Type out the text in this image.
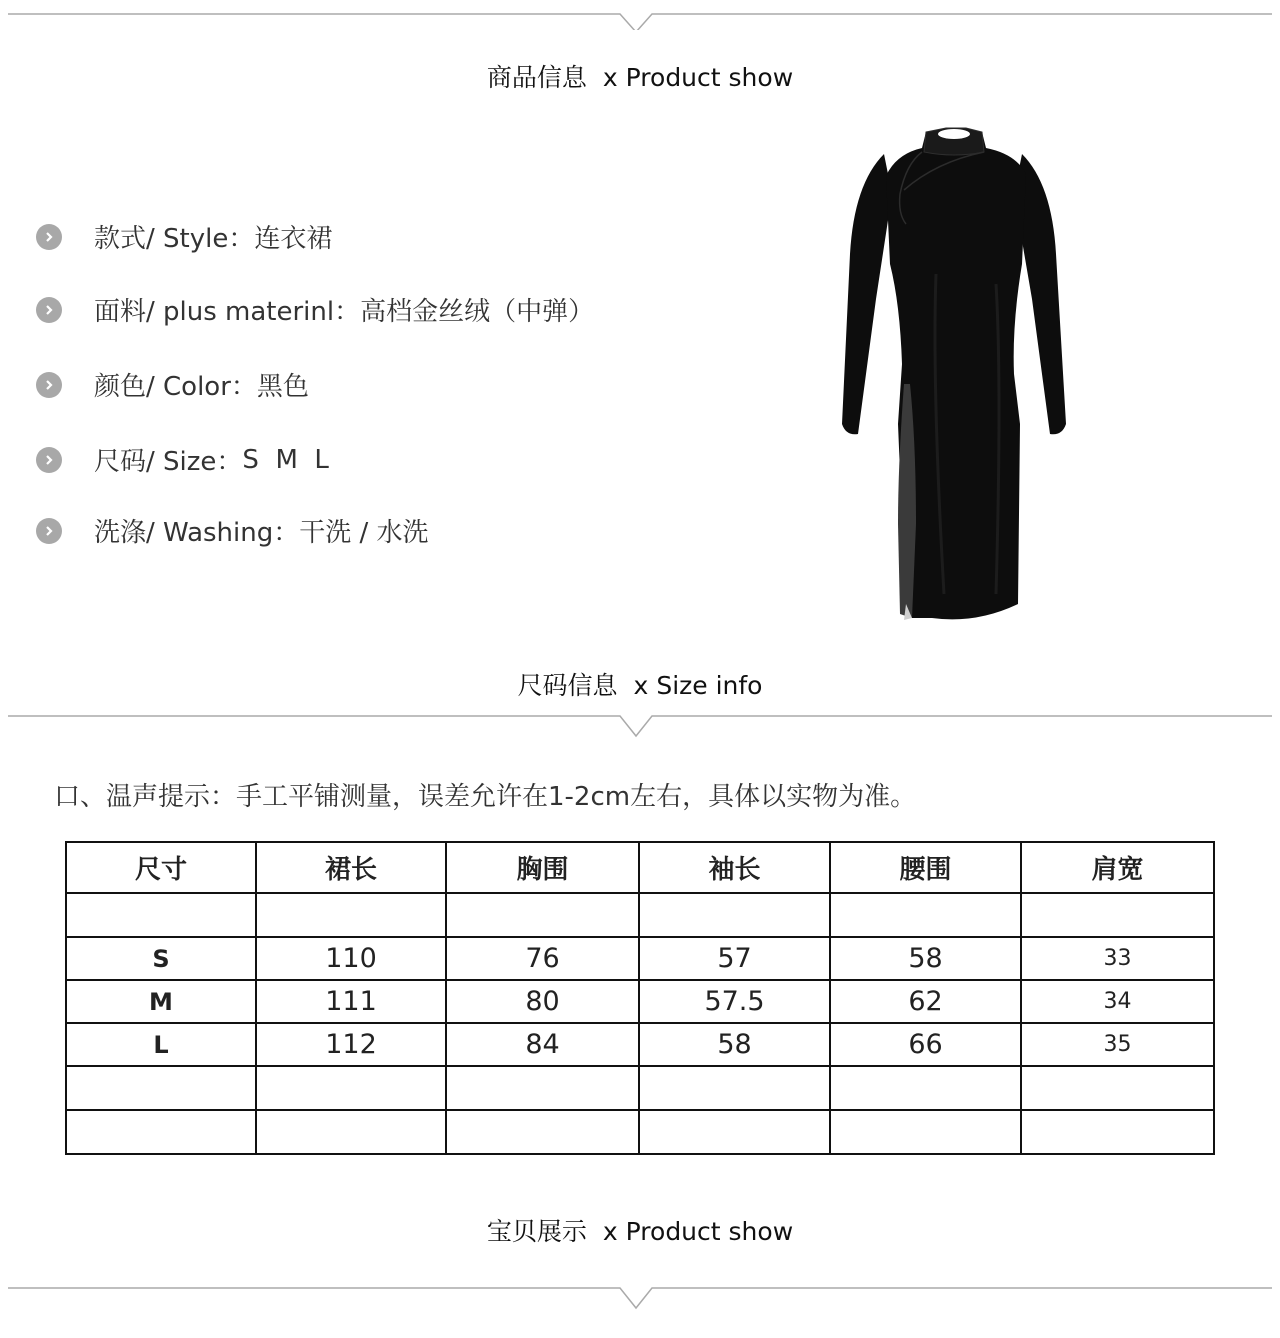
商品信息 x Product show
款式/ Style： 连衣裙
面料/ plus materinl： 高档金丝绒（中弹）
颜色/ Color： 黑色
尺码/ Size： S  M  L
洗涤/ Washing： 干洗 / 水洗
尺码信息 x Size info
口、温声提示：手工平铺测量，误差允许在1-2cm左右，具体以实物为准。
尺寸	裙长	胸围	袖长	腰围	肩宽

S	110	76	57	58	33
M	111	80	57.5	62	34
L	112	84	58	66	35

宝贝展示 x Product show
